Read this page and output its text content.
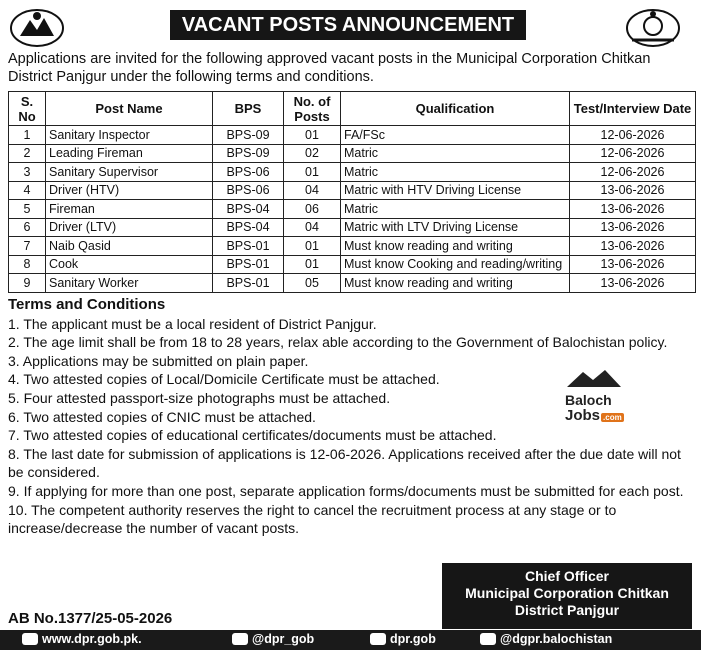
VACANT POSTS ANNOUNCEMENT
Applications are invited for the following approved vacant posts in the Municipal Corporation Chitkan District Panjgur under the following terms and conditions.
S. No	Post Name	BPS	No. of Posts	Qualification	Test/Interview Date
1	Sanitary Inspector	BPS-09	01	FA/FSc	12-06-2026
2	Leading Fireman	BPS-09	02	Matric	12-06-2026
3	Sanitary Supervisor	BPS-06	01	Matric	12-06-2026
4	Driver (HTV)	BPS-06	04	Matric with HTV Driving License	13-06-2026
5	Fireman	BPS-04	06	Matric	13-06-2026
6	Driver (LTV)	BPS-04	04	Matric with LTV Driving License	13-06-2026
7	Naib Qasid	BPS-01	01	Must know reading and writing	13-06-2026
8	Cook	BPS-01	01	Must know Cooking and reading/writing	13-06-2026
9	Sanitary Worker	BPS-01	05	Must know reading and writing	13-06-2026

Terms and Conditions

1. The applicant must be a local resident of District Panjgur.

2. The age limit shall be from 18 to 28 years, relax able according to the Government of Balochistan policy.

3. Applications may be submitted on plain paper.

4. Two attested copies of Local/Domicile Certificate must be attached.

5. Four attested passport-size photographs must be attached.

6. Two attested copies of CNIC must be attached.

7. Two attested copies of educational certificates/documents must be attached.

8. The last date for submission of applications is 12-06-2026. Applications received after the due date will not be considered.

9. If applying for more than one post, separate application forms/documents must be submitted for each post.

10. The competent authority reserves the right to cancel the recruitment process at any stage or to increase/decrease the number of vacant posts.

Baloch
Jobs .com
Chief Officer
Municipal Corporation Chitkan
District Panjgur
AB No.1377/25-05-2026
www.dpr.gob.pk.	@dpr_gob	dpr.gob	@dgpr.balochistan
